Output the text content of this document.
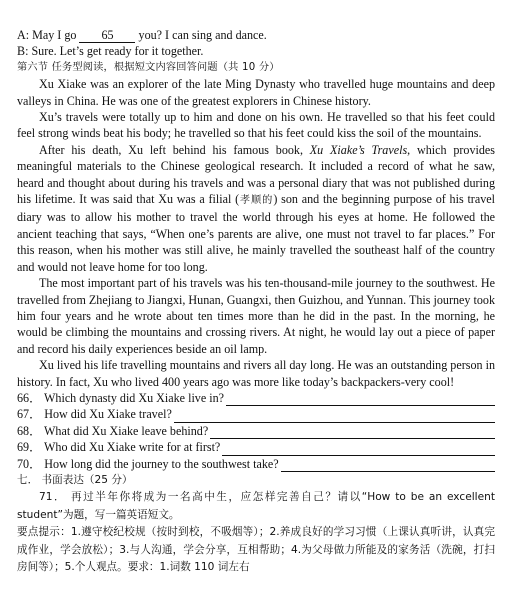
A: May I go 65 you? I can sing and dance.
B: Sure. Let’s get ready for it together.
第六节 任务型阅读，根据短文内容回答问题（共 10 分）

Xu Xiake was an explorer of the late Ming Dynasty who travelled huge mountains and deep valleys in China. He was one of the greatest explorers in Chinese history.

Xu’s travels were totally up to him and done on his own. He travelled so that his feet could feel strong winds beat his body; he travelled so that his feet could kiss the soil of the mountains.

After his death, Xu left behind his famous book, Xu Xiake’s Travels, which provides meaningful materials to the Chinese geological research. It included a record of what he saw, heard and thought about during his travels and was a personal diary that was not published during his lifetime. It was said that Xu was a filial (孝顺的) son and the beginning purpose of his travel diary was to allow his mother to travel the world through his eyes at home. He followed the ancient teaching that says, “When one’s parents are alive, one must not travel to far places.” For this reason, when his mother was still alive, he mainly travelled the southeast half of the country and would not leave home for too long.

The most important part of his travels was his ten-thousand-mile journey to the southwest. He travelled from Zhejiang to Jiangxi, Hunan, Guangxi, then Guizhou, and Yunnan. This journey took him four years and he wrote about ten times more than he did in the past. In the morning, he would be climbing the mountains and crossing rivers. At night, he would lay out a piece of paper and record his daily experiences beside an oil lamp.

Xu lived his life travelling mountains and rivers all day long. He was an outstanding person in history. In fact, Xu who lived 400 years ago was more like today’s backpackers-very cool!

66． Which dynasty did Xu Xiake live in?
67． How did Xu Xiake travel?
68． What did Xu Xiake leave behind?
69． Who did Xu Xiake write for at first?
70． How long did the journey to the southwest take?
七． 书面表达（25 分）
71． 再过半年你将成为一名高中生，应怎样完善自己？请以“How to be an excellent student”为题，写一篇英语短文。
要点提示：1.遵守校纪校规（按时到校，不吸烟等）；2.养成良好的学习习惯（上课认真听讲，认真完成作业，学会放松）；3.与人沟通，学会分享，互相帮助；4.为父母做力所能及的家务活（洗碗，打扫房间等）；5.个人观点。要求：1.词数 110 词左右
